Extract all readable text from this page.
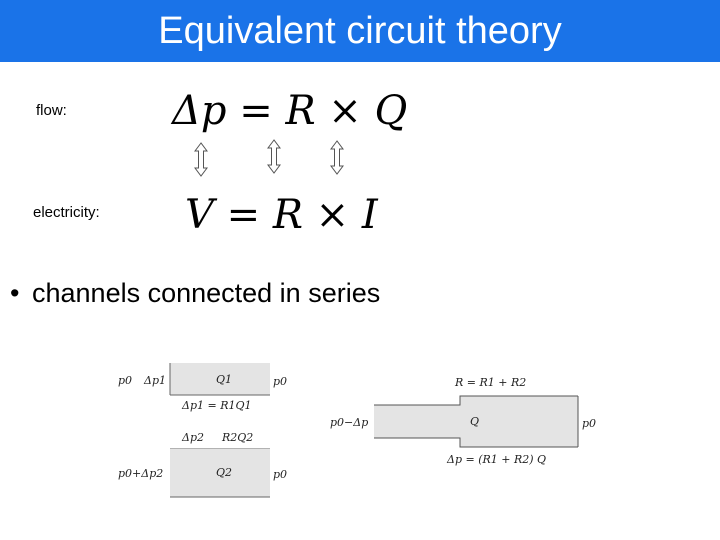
Equivalent circuit theory
flow:
electricity:
Δp = R × Q
V = R × I
• channels connected in series
p0 Δp1	Q1	p0
Δp1 = R1Q1
Δp2 R2Q2
p0+Δp2	Q2	p0
R = R1 + R2
p0−Δp	Q	p0
Δp = (R1 + R2) Q
